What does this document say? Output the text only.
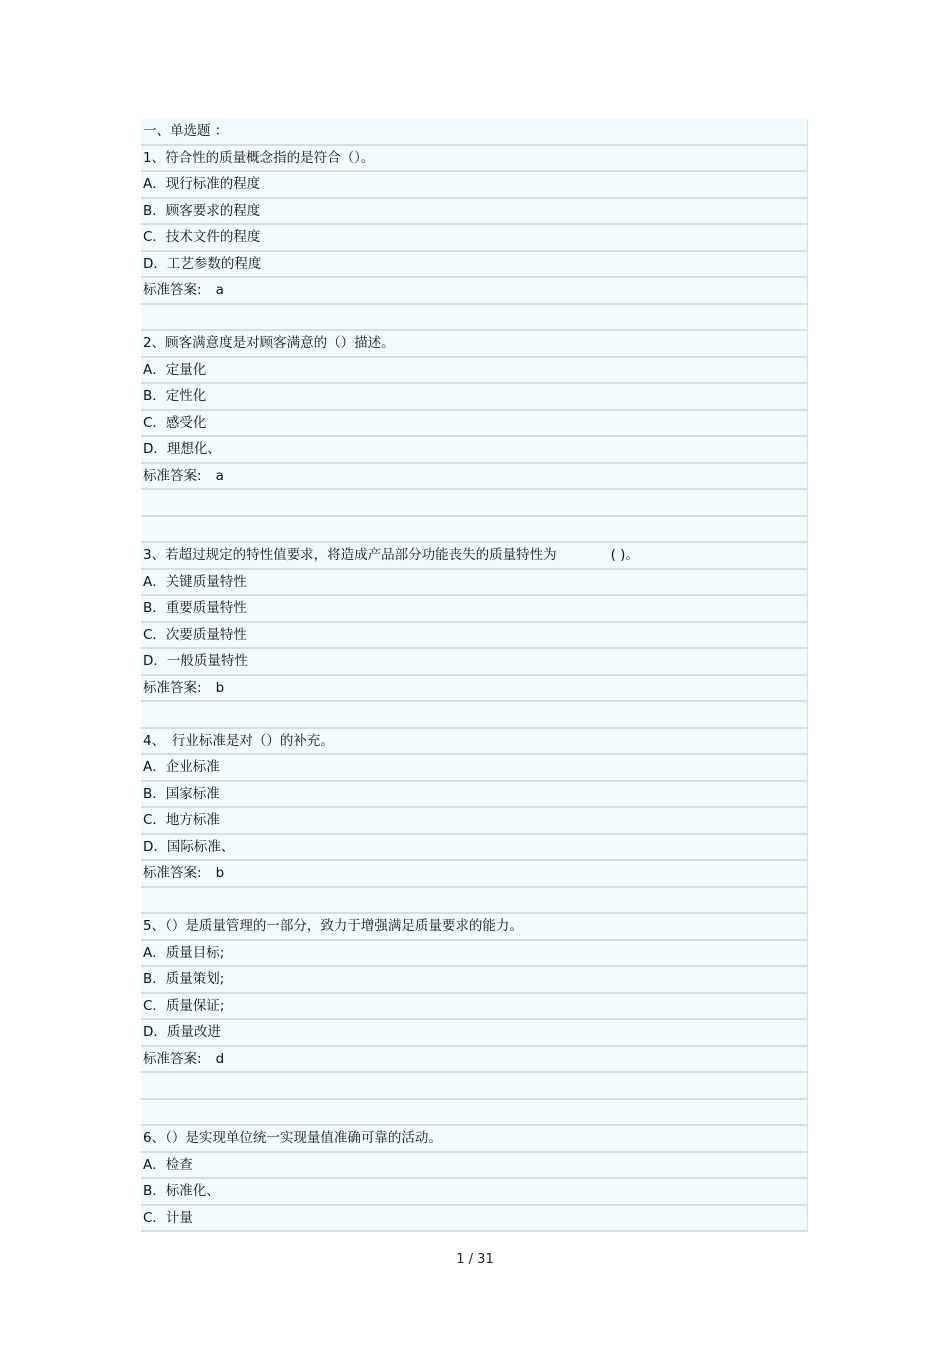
一、单选题 ：
1、符合性的质量概念指的是符合（）。
A．现行标准的程度
B．顾客要求的程度
C．技术文件的程度
D．工艺参数的程度
标准答案: a
2、顾客满意度是对顾客满意的（）描述。
A．定量化
B．定性化
C．感受化
D．理想化、
标准答案: a
3、若超过规定的特性值要求，将造成产品部分功能丧失的质量特性为	( )。
A．关键质量特性
B．重要质量特性
C．次要质量特性
D．一般质量特性
标准答案: b
4、　行业标准是对（）的补充。
A．企业标准
B．国家标准
C．地方标准
D．国际标准、
标准答案: b
5、（）是质量管理的一部分，致力于增强满足质量要求的能力。
A．质量目标;
B．质量策划;
C．质量保证;
D．质量改进
标准答案: d
6、（）是实现单位统一实现量值准确可靠的活动。
A．检查
B．标准化、
C．计量
1 / 31
